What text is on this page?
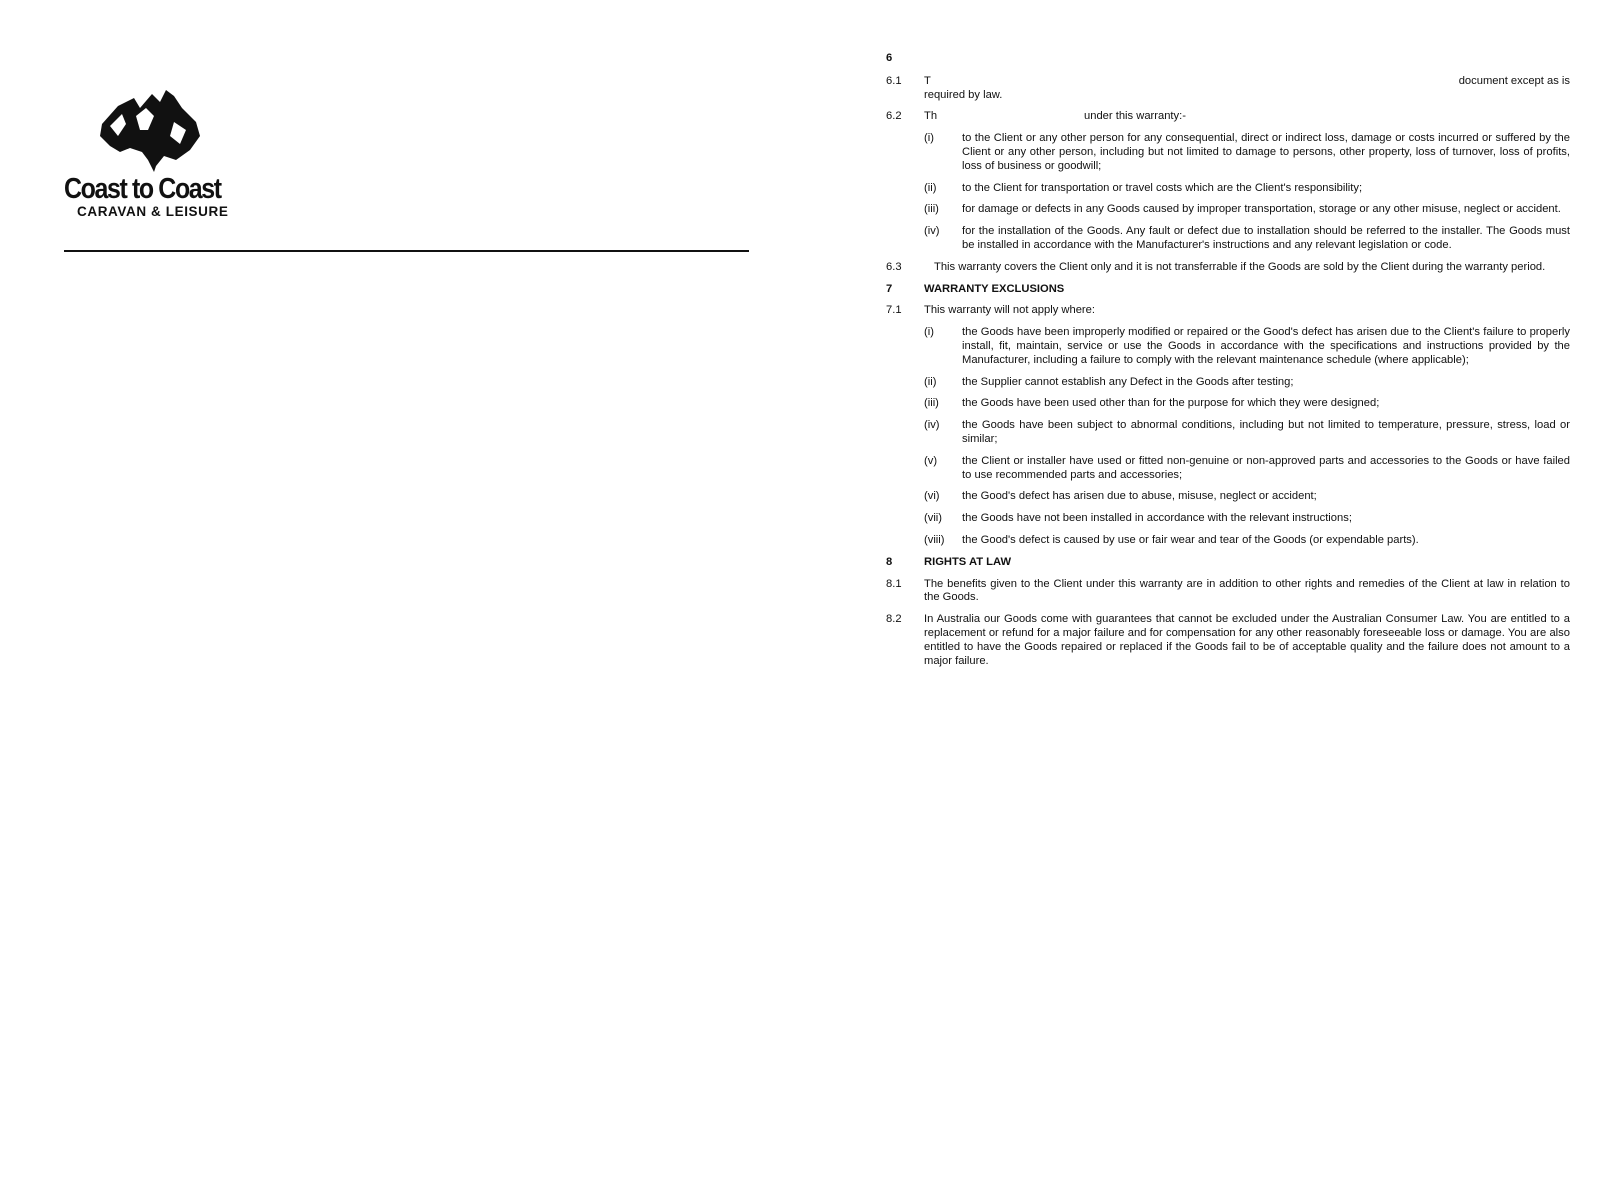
Coast to Coast
CARAVAN & LEISURE
6

6.1 T	document except as is
required by law.
6.2 Th	under this warranty:-
(i)	to the Client or any other person for any consequential, direct or indirect loss, damage or costs incurred or suffered by the Client or any other person, including but not limited to damage to persons, other property, loss of turnover, loss of profits, loss of business or goodwill;
(ii) to the Client for transportation or travel costs which are the Client's responsibility;
(iii) for damage or defects in any Goods caused by improper transportation, storage or any other misuse, neglect or accident.
(iv) for the installation of the Goods. Any fault or defect due to installation should be referred to the installer. The Goods must be installed in accordance with the Manufacturer's instructions and any relevant legislation or code.
6.3	This warranty covers the Client only and it is not transferrable if the Goods are sold by the Client during the warranty period.
7	WARRANTY EXCLUSIONS
7.1 This warranty will not apply where:
(i)	the Goods have been improperly modified or repaired or the Good's defect has arisen due to the Client's failure to properly install, fit, maintain, service or use the Goods in accordance with the specifications and instructions provided by the Manufacturer, including a failure to comply with the relevant maintenance schedule (where applicable);
(ii) the Supplier cannot establish any Defect in the Goods after testing;
(iii) the Goods have been used other than for the purpose for which they were designed;
(iv) the Goods have been subject to abnormal conditions, including but not limited to temperature, pressure, stress, load or similar;
(v) the Client or installer have used or fitted non-genuine or non-approved parts and accessories to the Goods or have failed to use recommended parts and accessories;
(vi) the Good's defect has arisen due to abuse, misuse, neglect or accident;
(vii) the Goods have not been installed in accordance with the relevant instructions;
(viii) the Good's defect is caused by use or fair wear and tear of the Goods (or expendable parts).
8	RIGHTS AT LAW
8.1 The benefits given to the Client under this warranty are in addition to other rights and remedies of the Client at law in relation to the Goods.
8.2 In Australia our Goods come with guarantees that cannot be excluded under the Australian Consumer Law. You are entitled to a replacement or refund for a major failure and for compensation for any other reasonably foreseeable loss or damage. You are also entitled to have the Goods repaired or replaced if the Goods fail to be of acceptable quality and the failure does not amount to a major failure.
